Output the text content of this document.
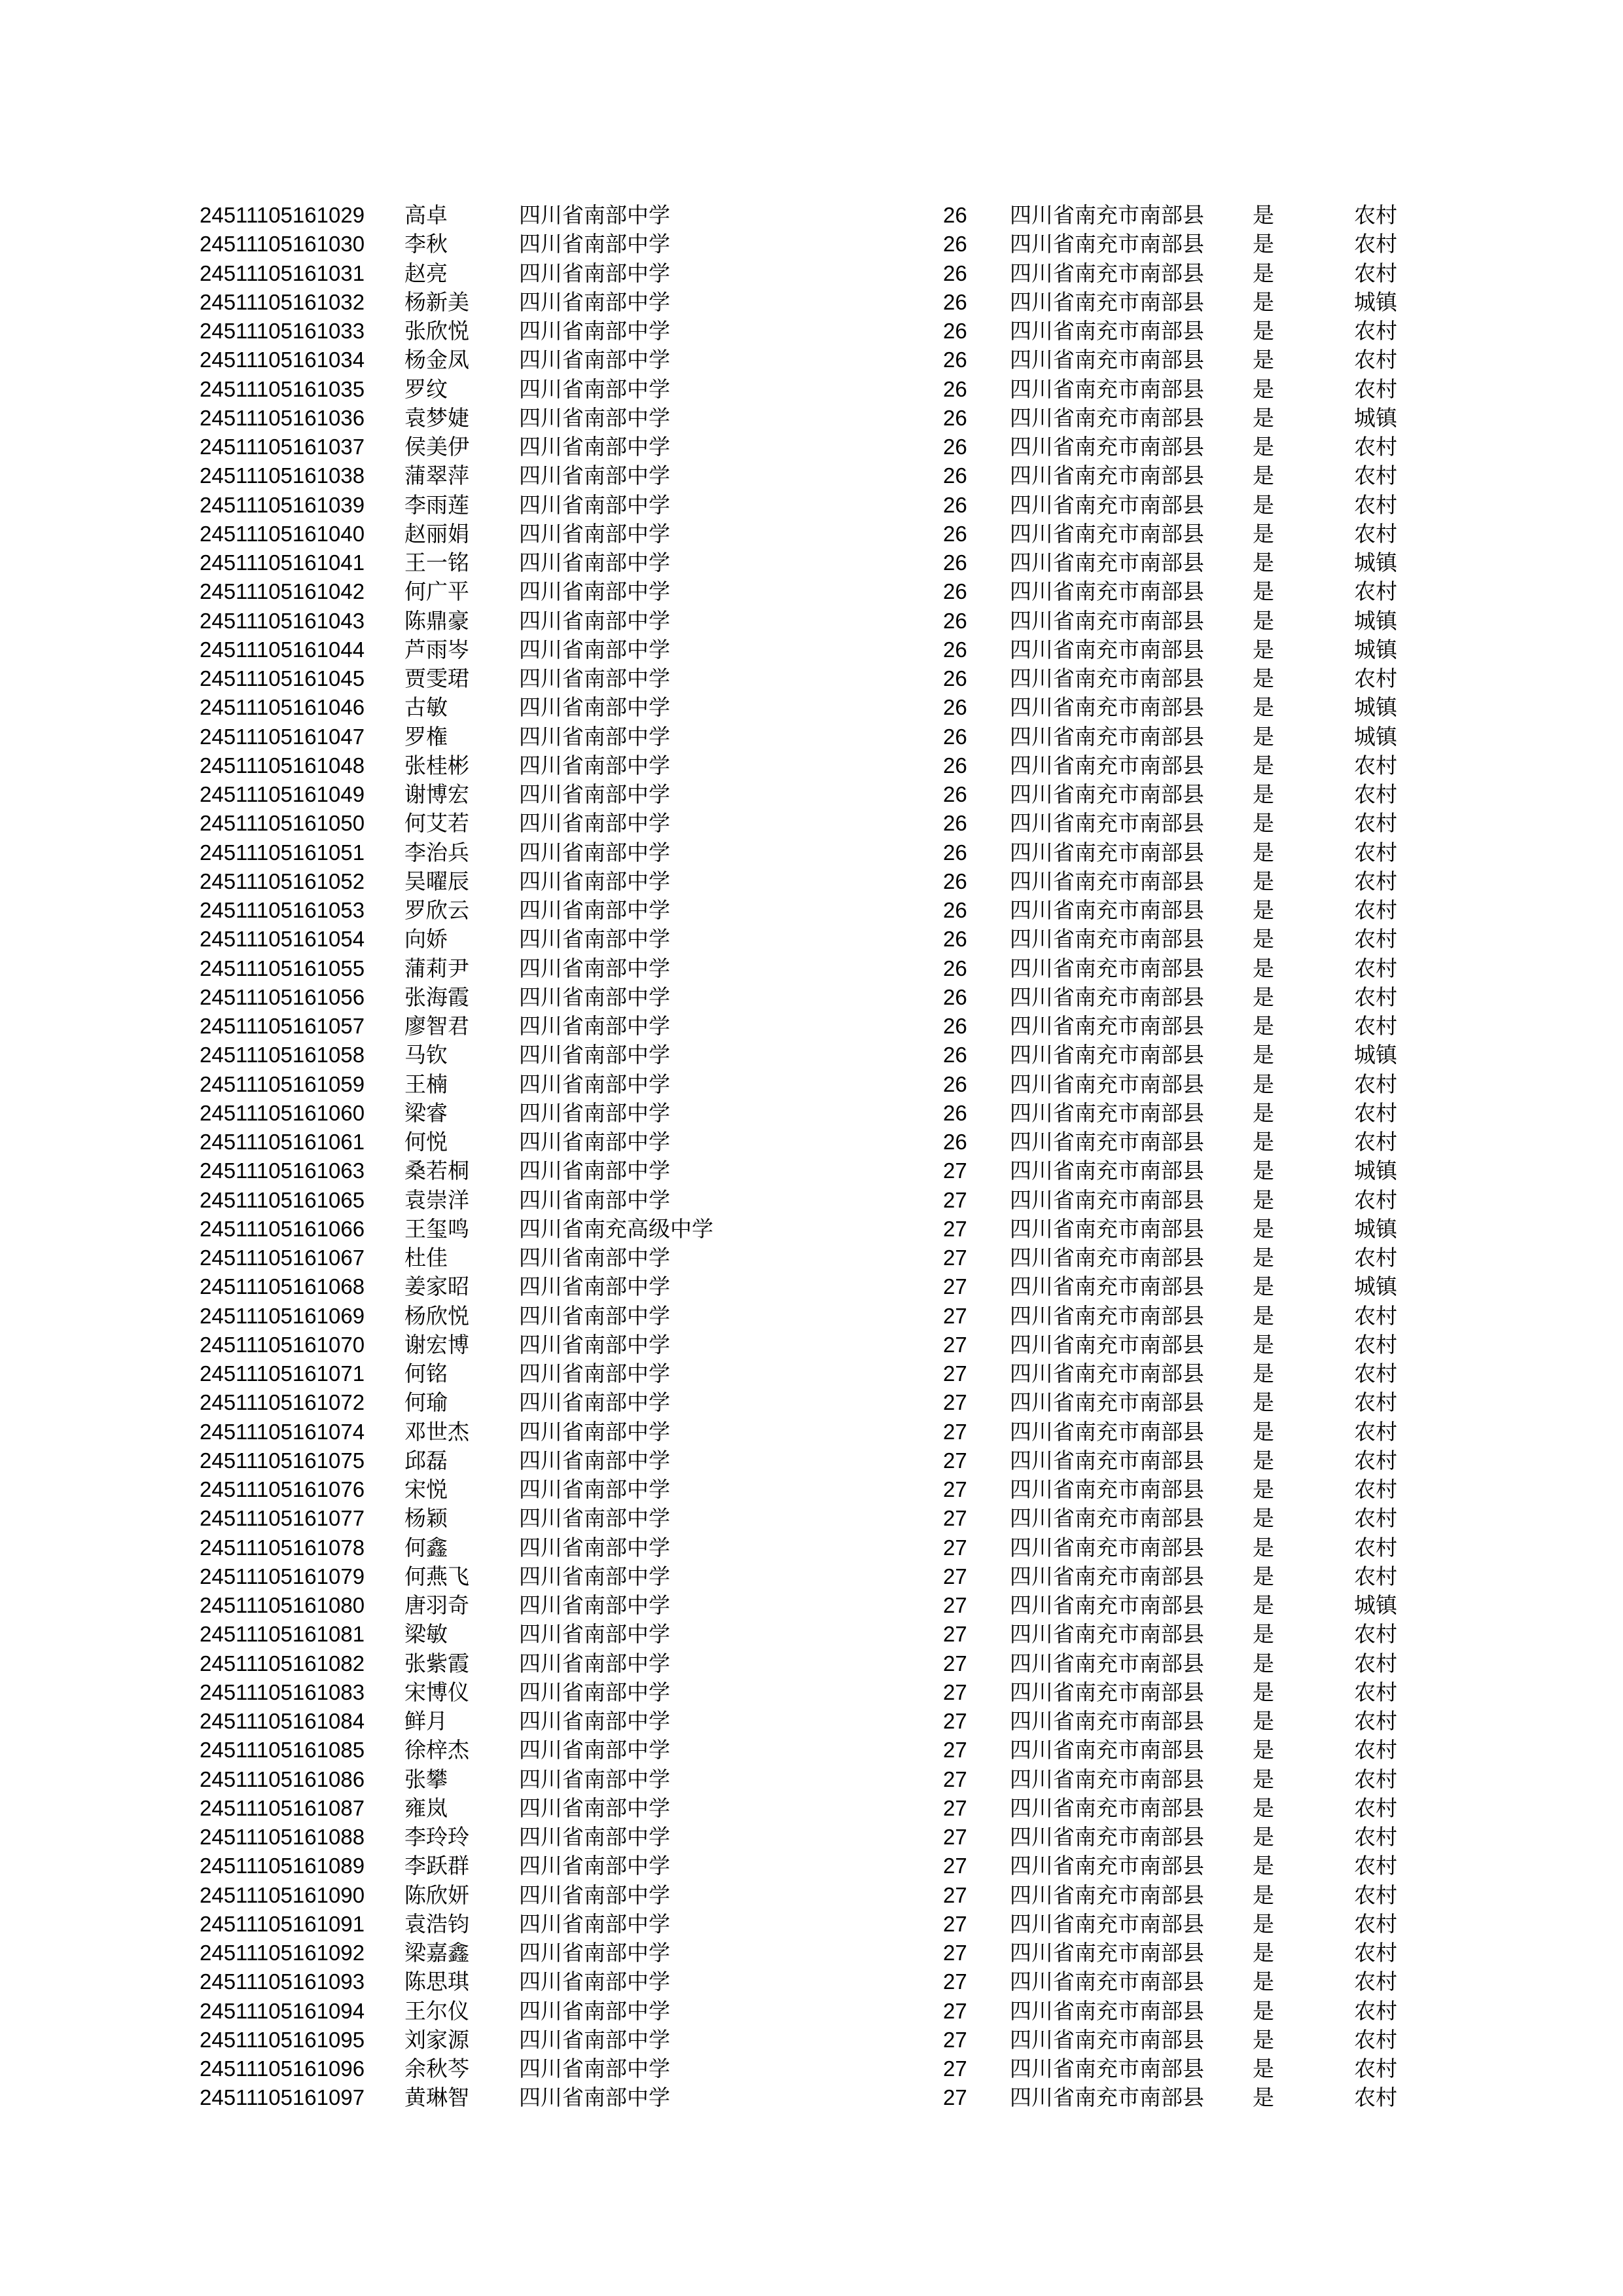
24511105161029 高卓	四川省南部中学	26 四川省南充市南部县 是	农村
24511105161030 李秋	四川省南部中学	26 四川省南充市南部县 是	农村
24511105161031 赵亮	四川省南部中学	26 四川省南充市南部县 是	农村
24511105161032 杨新美 四川省南部中学	26 四川省南充市南部县 是	城镇
24511105161033 张欣悦 四川省南部中学	26 四川省南充市南部县 是	农村
24511105161034 杨金凤 四川省南部中学	26 四川省南充市南部县 是	农村
24511105161035 罗纹	四川省南部中学	26 四川省南充市南部县 是	农村
24511105161036 袁梦婕 四川省南部中学	26 四川省南充市南部县 是	城镇
24511105161037 侯美伊 四川省南部中学	26 四川省南充市南部县 是	农村
24511105161038 蒲翠萍 四川省南部中学	26 四川省南充市南部县 是	农村
24511105161039 李雨莲 四川省南部中学	26 四川省南充市南部县 是	农村
24511105161040 赵丽娟 四川省南部中学	26 四川省南充市南部县 是	农村
24511105161041 王一铭 四川省南部中学	26 四川省南充市南部县 是	城镇
24511105161042 何广平 四川省南部中学	26 四川省南充市南部县 是	农村
24511105161043 陈鼎豪 四川省南部中学	26 四川省南充市南部县 是	城镇
24511105161044 芦雨岑 四川省南部中学	26 四川省南充市南部县 是	城镇
24511105161045 贾雯珺 四川省南部中学	26 四川省南充市南部县 是	农村
24511105161046 古敏	四川省南部中学	26 四川省南充市南部县 是	城镇
24511105161047 罗権	四川省南部中学	26 四川省南充市南部县 是	城镇
24511105161048 张桂彬 四川省南部中学	26 四川省南充市南部县 是	农村
24511105161049 谢博宏 四川省南部中学	26 四川省南充市南部县 是	农村
24511105161050 何艾若 四川省南部中学	26 四川省南充市南部县 是	农村
24511105161051 李治兵 四川省南部中学	26 四川省南充市南部县 是	农村
24511105161052 吴曜辰 四川省南部中学	26 四川省南充市南部县 是	农村
24511105161053 罗欣云 四川省南部中学	26 四川省南充市南部县 是	农村
24511105161054 向娇	四川省南部中学	26 四川省南充市南部县 是	农村
24511105161055 蒲莉尹 四川省南部中学	26 四川省南充市南部县 是	农村
24511105161056 张海霞 四川省南部中学	26 四川省南充市南部县 是	农村
24511105161057 廖智君 四川省南部中学	26 四川省南充市南部县 是	农村
24511105161058 马钦	四川省南部中学	26 四川省南充市南部县 是	城镇
24511105161059 王楠	四川省南部中学	26 四川省南充市南部县 是	农村
24511105161060 梁睿	四川省南部中学	26 四川省南充市南部县 是	农村
24511105161061 何悦	四川省南部中学	26 四川省南充市南部县 是	农村
24511105161063 桑若桐 四川省南部中学	27 四川省南充市南部县 是	城镇
24511105161065 袁崇洋 四川省南部中学	27 四川省南充市南部县 是	农村
24511105161066 王玺鸣 四川省南充高级中学	27 四川省南充市南部县 是	城镇
24511105161067 杜佳	四川省南部中学	27 四川省南充市南部县 是	农村
24511105161068 姜家昭 四川省南部中学	27 四川省南充市南部县 是	城镇
24511105161069 杨欣悦 四川省南部中学	27 四川省南充市南部县 是	农村
24511105161070 谢宏博 四川省南部中学	27 四川省南充市南部县 是	农村
24511105161071 何铭	四川省南部中学	27 四川省南充市南部县 是	农村
24511105161072 何瑜	四川省南部中学	27 四川省南充市南部县 是	农村
24511105161074 邓世杰 四川省南部中学	27 四川省南充市南部县 是	农村
24511105161075 邱磊	四川省南部中学	27 四川省南充市南部县 是	农村
24511105161076 宋悦	四川省南部中学	27 四川省南充市南部县 是	农村
24511105161077 杨颖	四川省南部中学	27 四川省南充市南部县 是	农村
24511105161078 何鑫	四川省南部中学	27 四川省南充市南部县 是	农村
24511105161079 何燕飞 四川省南部中学	27 四川省南充市南部县 是	农村
24511105161080 唐羽奇 四川省南部中学	27 四川省南充市南部县 是	城镇
24511105161081 梁敏	四川省南部中学	27 四川省南充市南部县 是	农村
24511105161082 张紫霞 四川省南部中学	27 四川省南充市南部县 是	农村
24511105161083 宋博仪 四川省南部中学	27 四川省南充市南部县 是	农村
24511105161084 鲜月	四川省南部中学	27 四川省南充市南部县 是	农村
24511105161085 徐梓杰 四川省南部中学	27 四川省南充市南部县 是	农村
24511105161086 张攀	四川省南部中学	27 四川省南充市南部县 是	农村
24511105161087 雍岚	四川省南部中学	27 四川省南充市南部县 是	农村
24511105161088 李玲玲 四川省南部中学	27 四川省南充市南部县 是	农村
24511105161089 李跃群 四川省南部中学	27 四川省南充市南部县 是	农村
24511105161090 陈欣妍 四川省南部中学	27 四川省南充市南部县 是	农村
24511105161091 袁浩钧 四川省南部中学	27 四川省南充市南部县 是	农村
24511105161092 梁嘉鑫 四川省南部中学	27 四川省南充市南部县 是	农村
24511105161093 陈思琪 四川省南部中学	27 四川省南充市南部县 是	农村
24511105161094 王尔仪 四川省南部中学	27 四川省南充市南部县 是	农村
24511105161095 刘家源 四川省南部中学	27 四川省南充市南部县 是	农村
24511105161096 余秋芩 四川省南部中学	27 四川省南充市南部县 是	农村
24511105161097 黄琳智 四川省南部中学	27 四川省南充市南部县 是	农村
